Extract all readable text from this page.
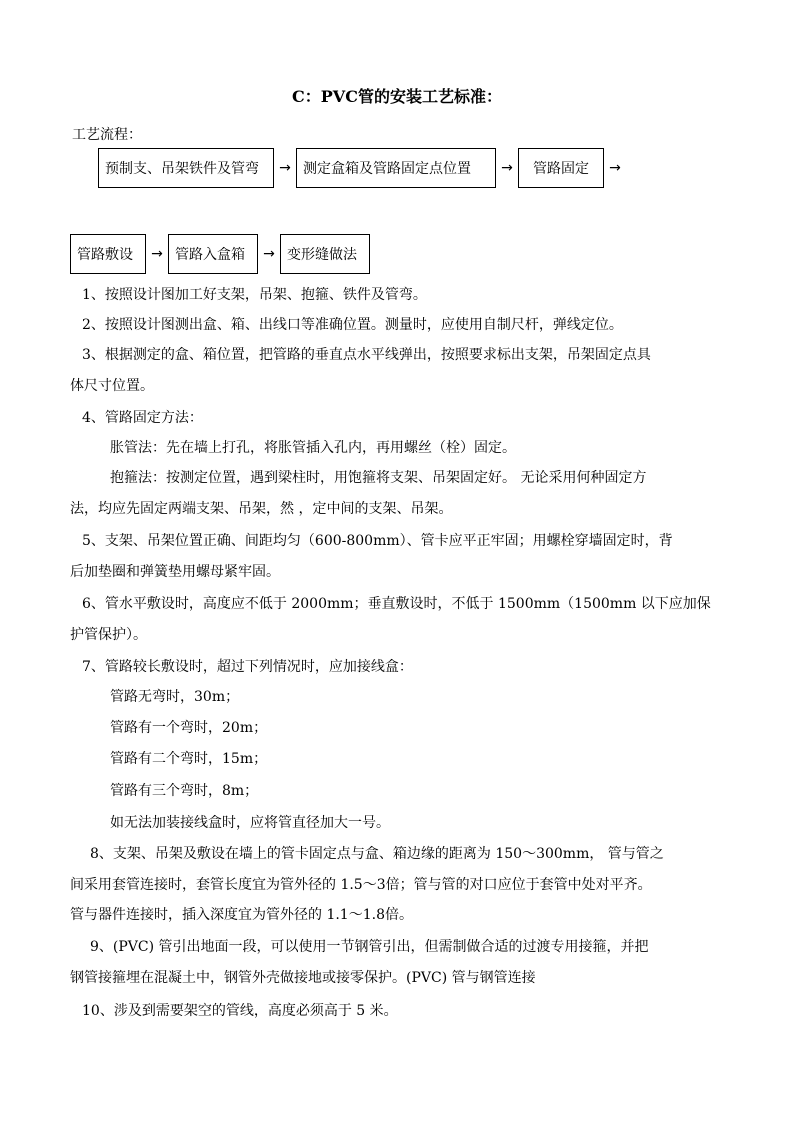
C：PVC管的安装工艺标准：
工艺流程：
预制支、吊架铁件及管弯	→ 测定盒箱及管路固定点位置	→	管路固定	→
管路敷设	→ 管路入盒箱	→ 变形缝做法
1、按照设计图加工好支架，吊架、抱箍、铁件及管弯。
2、按照设计图测出盒、箱、出线口等准确位置。测量时，应使用自制尺杆，弹线定位。
3、根据测定的盒、箱位置，把管路的垂直点水平线弹出，按照要求标出支架，吊架固定点具
体尺寸位置。
4、管路固定方法：
胀管法：先在墙上打孔，将胀管插入孔内，再用螺丝（栓）固定。
抱箍法：按测定位置，遇到梁柱时，用饱箍将支架、吊架固定好。 无论采用何种固定方
法，均应先固定两端支架、吊架，然 ，定中间的支架、吊架。
5、支架、吊架位置正确、间距均匀（600-800mm）、管卡应平正牢固；用螺栓穿墙固定时，背
后加垫圈和弹簧垫用螺母紧牢固。
6、管水平敷设时，高度应不低于 2000mm；垂直敷设时，不低于 1500mm（1500mm 以下应加保
护管保护）。
7、管路较长敷设时，超过下列情况时，应加接线盒：
管路无弯时，30m；
管路有一个弯时，20m；
管路有二个弯时，15m；
管路有三个弯时，8m；
如无法加装接线盒时，应将管直径加大一号。
8、支架、吊架及敷设在墙上的管卡固定点与盒、箱边缘的距离为 150～300mm， 管与管之
间采用套管连接时，套管长度宜为管外径的 1.5～3倍；管与管的对口应位于套管中处对平齐。
管与器件连接时，插入深度宜为管外径的 1.1～1.8倍。
9、(PVC) 管引出地面一段，可以使用一节钢管引出，但需制做合适的过渡专用接箍，并把
钢管接箍埋在混凝土中，钢管外壳做接地或接零保护。(PVC) 管与钢管连接
10、涉及到需要架空的管线，高度必须高于 5 米。
